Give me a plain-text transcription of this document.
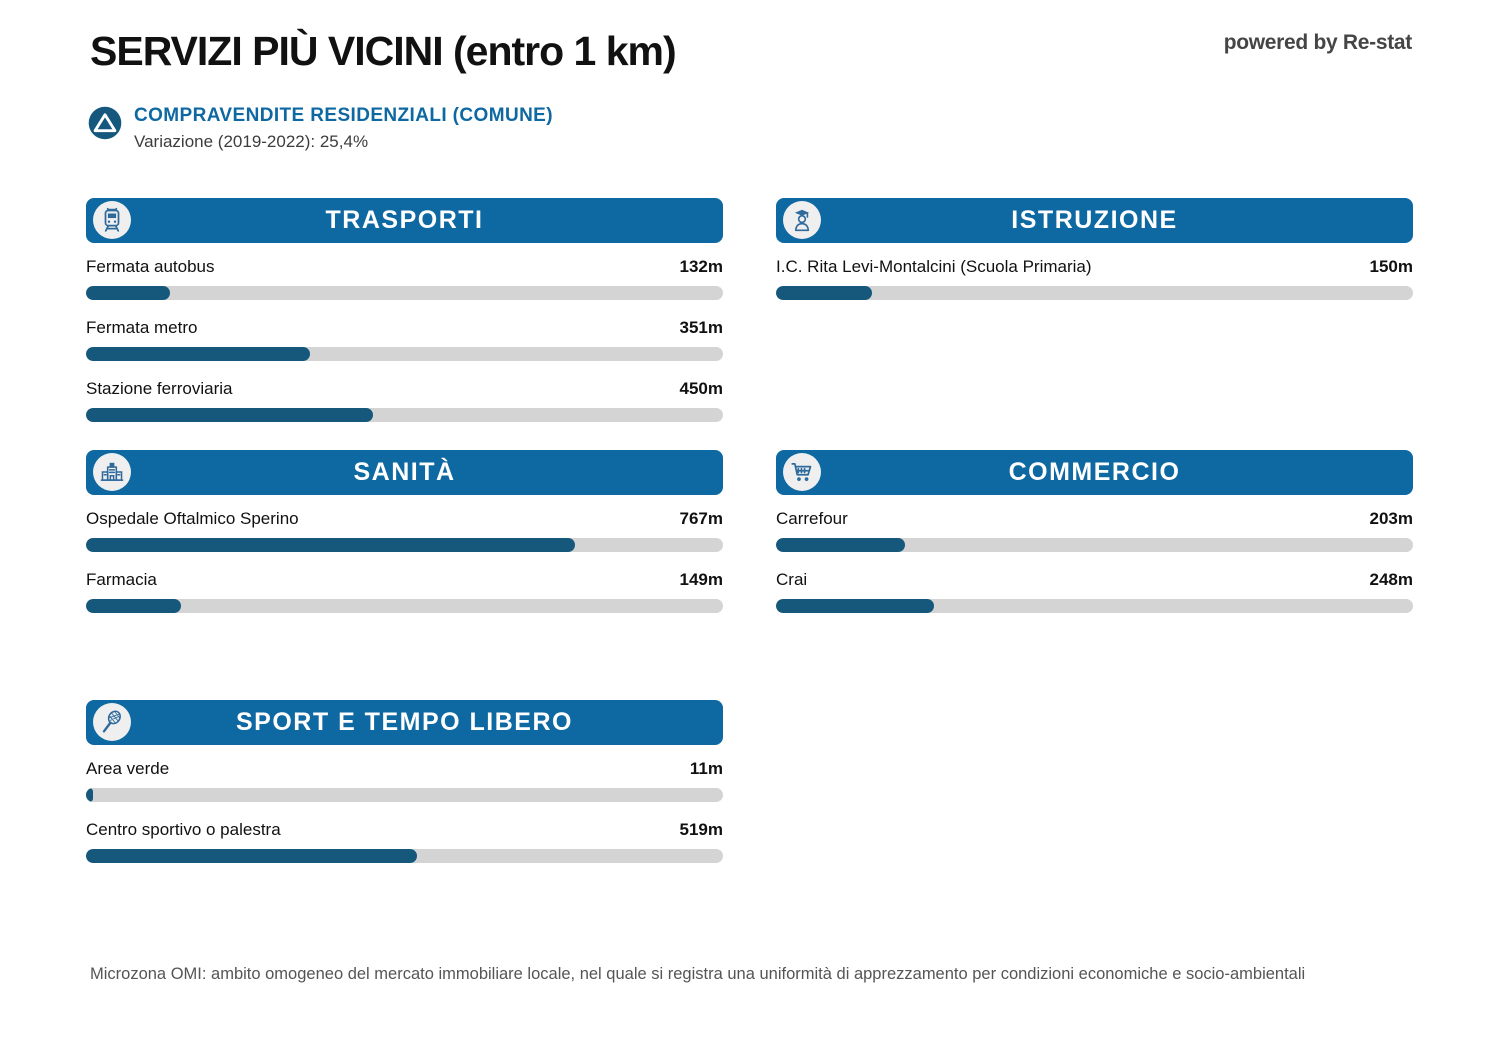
SERVIZI PIÙ VICINI (entro 1 km)	powered by Re-stat
COMPRAVENDITE RESIDENZIALI (COMUNE)
Variazione (2019-2022): 25,4%
TRASPORTI
Fermata autobus	132m
Fermata metro	351m
Stazione ferroviaria	450m
ISTRUZIONE
I.C. Rita Levi-Montalcini (Scuola Primaria)	150m
SANITÀ
Ospedale Oftalmico Sperino	767m
Farmacia	149m
COMMERCIO
Carrefour	203m
Crai	248m
SPORT E TEMPO LIBERO
Area verde	11m
Centro sportivo o palestra	519m

Microzona OMI: ambito omogeneo del mercato immobiliare locale, nel quale si registra una uniformità di apprezzamento per condizioni economiche e socio-ambientali
